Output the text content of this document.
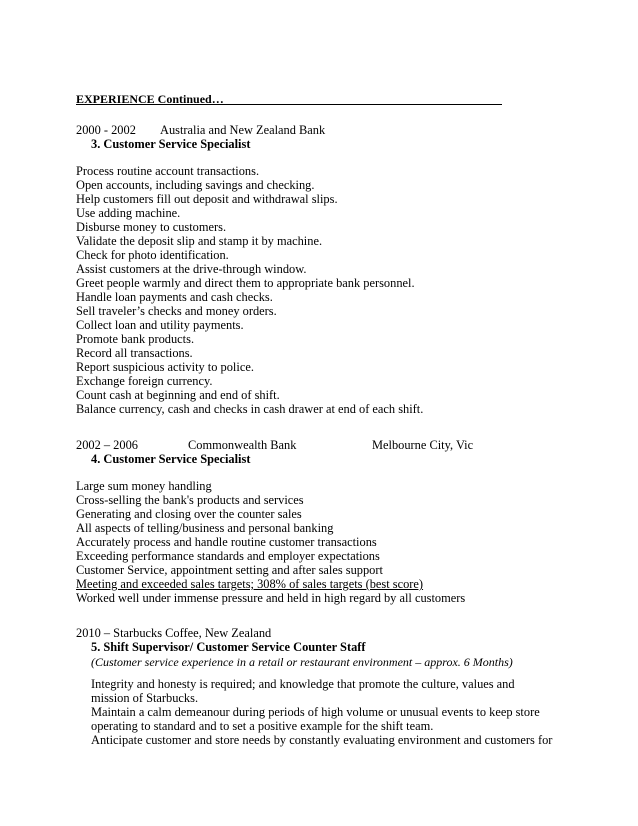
EXPERIENCE Continued…
2000 - 2002 Australia and New Zealand Bank
3. Customer Service Specialist
Process routine account transactions.
Open accounts, including savings and checking.
Help customers fill out deposit and withdrawal slips.
Use adding machine.
Disburse money to customers.
Validate the deposit slip and stamp it by machine.
Check for photo identification.
Assist customers at the drive-through window.
Greet people warmly and direct them to appropriate bank personnel.
Handle loan payments and cash checks.
Sell traveler’s checks and money orders.
Collect loan and utility payments.
Promote bank products.
Record all transactions.
Report suspicious activity to police.
Exchange foreign currency.
Count cash at beginning and end of shift.
Balance currency, cash and checks in cash drawer at end of each shift.
2002 – 2006	Commonwealth Bank	Melbourne City, Vic
4. Customer Service Specialist
Large sum money handling
Cross-selling the bank's products and services
Generating and closing over the counter sales
All aspects of telling/business and personal banking
Accurately process and handle routine customer transactions
Exceeding performance standards and employer expectations
Customer Service, appointment setting and after sales support
Meeting and exceeded sales targets; 308% of sales targets (best score)
Worked well under immense pressure and held in high regard by all customers
2010 – Starbucks Coffee, New Zealand
5. Shift Supervisor/ Customer Service Counter Staff
(Customer service experience in a retail or restaurant environment – approx. 6 Months)
Integrity and honesty is required; and knowledge that promote the culture, values and
mission of Starbucks.
Maintain a calm demeanour during periods of high volume or unusual events to keep store
operating to standard and to set a positive example for the shift team.
Anticipate customer and store needs by constantly evaluating environment and customers for
